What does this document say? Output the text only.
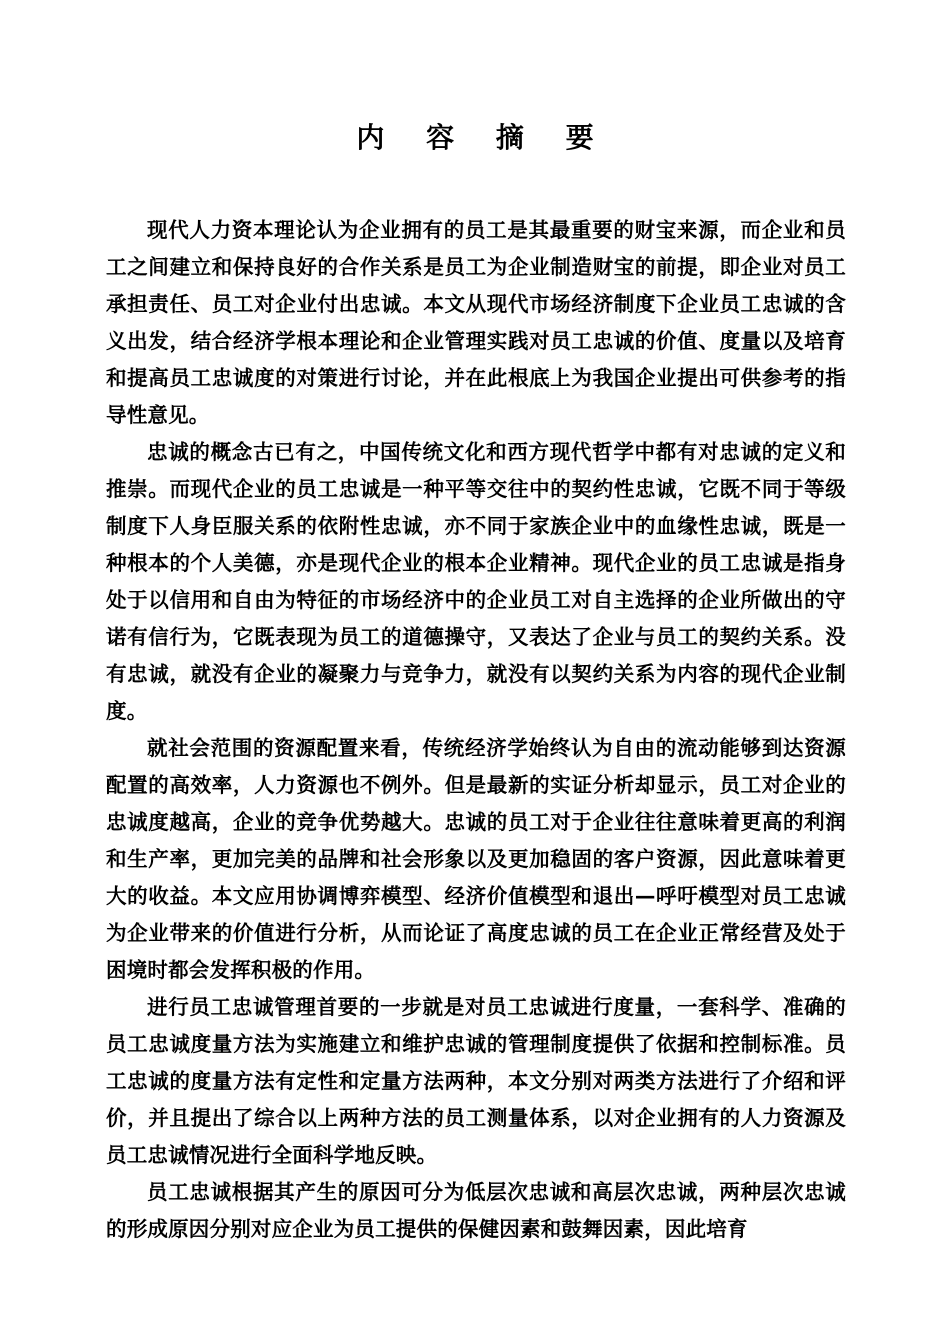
内 容 摘 要

现代人力资本理论认为企业拥有的员工是其最重要的财宝来源，而企业和员工之间建立和保持良好的合作关系是员工为企业制造财宝的前提，即企业对员工承担责任、员工对企业付出忠诚。本文从现代市场经济制度下企业员工忠诚的含义出发，结合经济学根本理论和企业管理实践对员工忠诚的价值、度量以及培育和提高员工忠诚度的对策进行讨论，并在此根底上为我国企业提出可供参考的指导性意见。

忠诚的概念古已有之，中国传统文化和西方现代哲学中都有对忠诚的定义和推崇。而现代企业的员工忠诚是一种平等交往中的契约性忠诚，它既不同于等级制度下人身臣服关系的依附性忠诚，亦不同于家族企业中的血缘性忠诚，既是一种根本的个人美德，亦是现代企业的根本企业精神。现代企业的员工忠诚是指身处于以信用和自由为特征的市场经济中的企业员工对自主选择的企业所做出的守诺有信行为，它既表现为员工的道德操守，又表达了企业与员工的契约关系。没有忠诚，就没有企业的凝聚力与竞争力，就没有以契约关系为内容的现代企业制度。

就社会范围的资源配置来看，传统经济学始终认为自由的流动能够到达资源配置的高效率，人力资源也不例外。但是最新的实证分析却显示，员工对企业的忠诚度越高，企业的竞争优势越大。忠诚的员工对于企业往往意味着更高的利润和生产率，更加完美的品牌和社会形象以及更加稳固的客户资源，因此意味着更大的收益。本文应用协调博弈模型、经济价值模型和退出—呼吁模型对员工忠诚为企业带来的价值进行分析，从而论证了高度忠诚的员工在企业正常经营及处于困境时都会发挥积极的作用。

进行员工忠诚管理首要的一步就是对员工忠诚进行度量，一套科学、准确的员工忠诚度量方法为实施建立和维护忠诚的管理制度提供了依据和控制标准。员工忠诚的度量方法有定性和定量方法两种，本文分别对两类方法进行了介绍和评价，并且提出了综合以上两种方法的员工测量体系，以对企业拥有的人力资源及员工忠诚情况进行全面科学地反映。

员工忠诚根据其产生的原因可分为低层次忠诚和高层次忠诚，两种层次忠诚的形成原因分别对应企业为员工提供的保健因素和鼓舞因素，因此培育
